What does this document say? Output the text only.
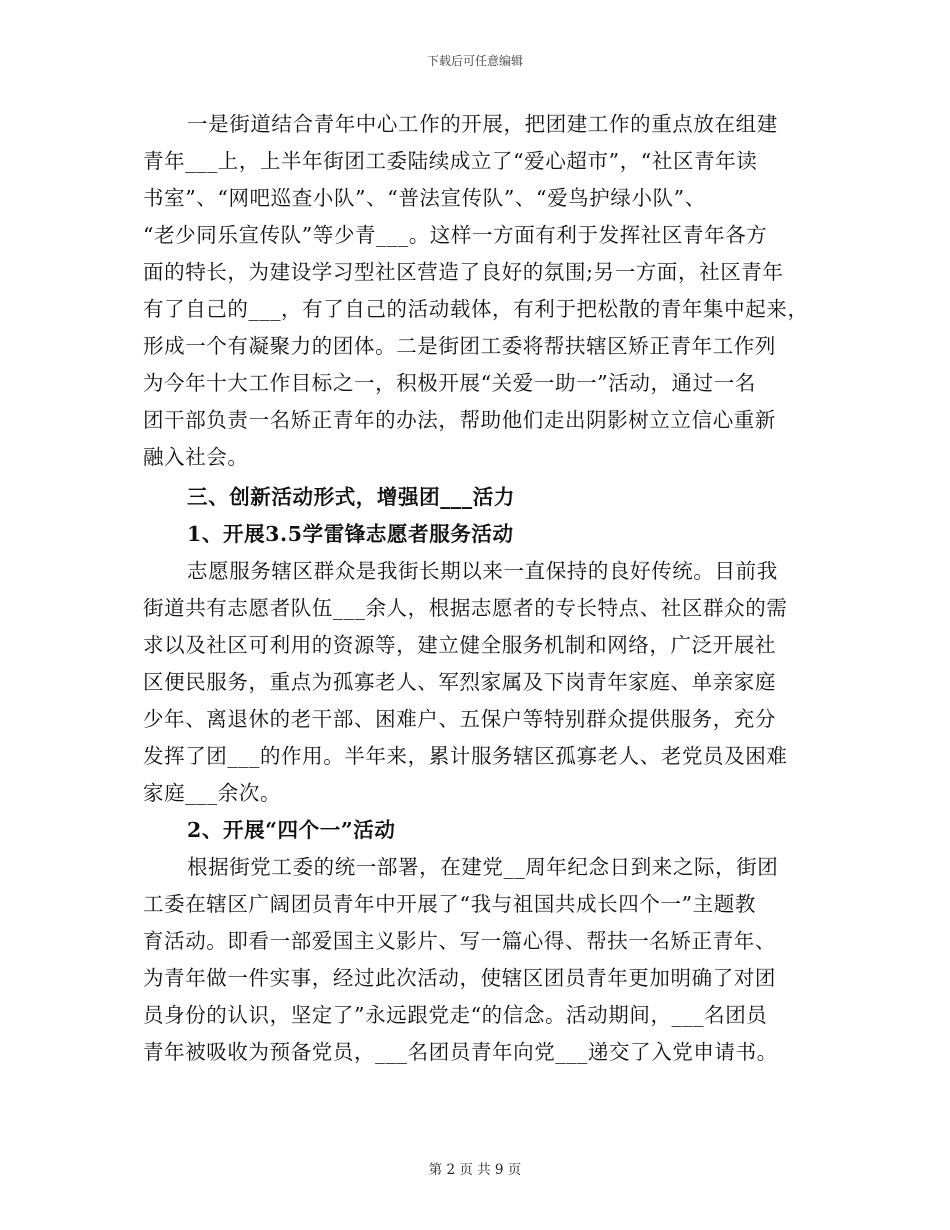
下载后可任意编辑
一是街道结合青年中心工作的开展，把团建工作的重点放在组建
青年___上，上半年街团工委陆续成立了“爱心超市”，“社区青年读
书室”、“网吧巡查小队”、“普法宣传队”、“爱鸟护绿小队”、
“老少同乐宣传队”等少青___。这样一方面有利于发挥社区青年各方
面的特长，为建设学习型社区营造了良好的氛围;另一方面，社区青年
有了自己的___，有了自己的活动载体，有利于把松散的青年集中起来，
形成一个有凝聚力的团体。二是街团工委将帮扶辖区矫正青年工作列
为今年十大工作目标之一，积极开展“关爱一助一”活动，通过一名
团干部负责一名矫正青年的办法，帮助他们走出阴影树立立信心重新
融入社会。
三、创新活动形式，增强团___活力
1、开展3.5学雷锋志愿者服务活动
志愿服务辖区群众是我街长期以来一直保持的良好传统。目前我
街道共有志愿者队伍___余人，根据志愿者的专长特点、社区群众的需
求以及社区可利用的资源等，建立健全服务机制和网络，广泛开展社
区便民服务，重点为孤寡老人、军烈家属及下岗青年家庭、单亲家庭
少年、离退休的老干部、困难户、五保户等特别群众提供服务，充分
发挥了团___的作用。半年来，累计服务辖区孤寡老人、老党员及困难
家庭___余次。
2、开展“四个一”活动
根据街党工委的统一部署，在建党__周年纪念日到来之际，街团
工委在辖区广阔团员青年中开展了“我与祖国共成长四个一”主题教
育活动。即看一部爱国主义影片、写一篇心得、帮扶一名矫正青年、
为青年做一件实事，经过此次活动，使辖区团员青年更加明确了对团
员身份的认识，坚定了”永远跟党走“的信念。活动期间，___名团员
青年被吸收为预备党员，___名团员青年向党___递交了入党申请书。
第 2 页 共 9 页
